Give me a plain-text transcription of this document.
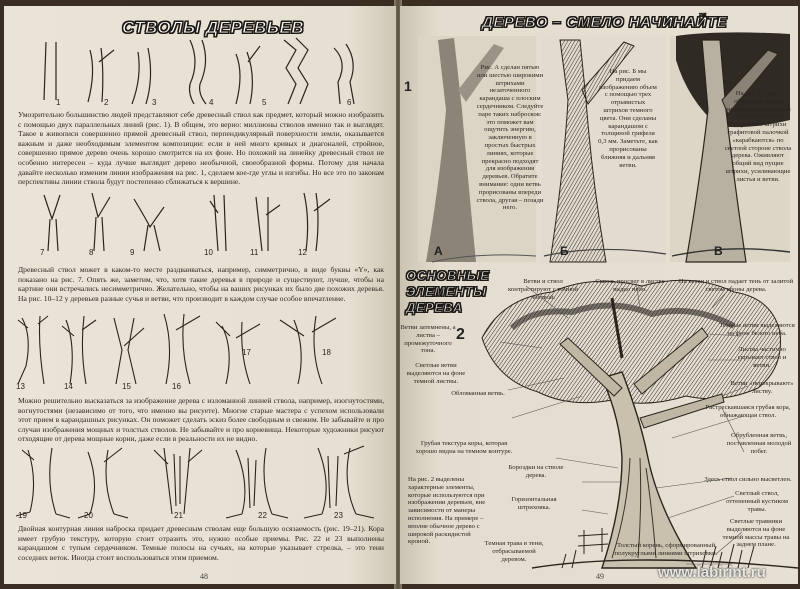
СТВОЛЫ ДЕРЕВЬЕВ
1	2	3	4	5	6
Умозрительно большинство людей представляют себе древесный ствол как предмет, который можно изобразить с помощью двух параллельных линий (рис. 1). В общем, это верно: миллионы стволов именно так и выглядят. Такое в живописи совершенно прямой древесный ствол, перпендикулярный поверхности земли, оказывается важным и даже необходимым элементом композиции: если в ней много кривых и диагоналей, стройное, совершенно прямое дерево очень хорошо смотрится на их фоне. Но похожий на линейку древесный ствол не особенно интересен – куда лучше выглядит дерево необычной, своеобразной формы. Потому для начала давайте несколько изменим линии изображения на рис. 1, сделаем кое-где углы и изгибы. Но все это по законам перспективы линии ствола будут постепенно сближаться к вершине.
7	8	9	10	11	12
Древесный ствол может в каком-то месте раздваиваться, например, симметрично, в виде буквы «Y», как показано на рис. 7. Опять же, заметим, что, хотя такие деревья в природе и существуют, лучше, чтобы на картине они встречались несимметрично. Желательно, чтобы на ваших рисунках их было две похожих деревья. На рис. 10–12 у деревьев разные сучья и ветви, что производит в каждом случае особое впечатление.
13	14	15	16
17	18
Можно решительно высказаться за изображение дерева с изломанной линией ствола, например, изогнутостями, вогнутостями (независимо от того, что именно вы рисуете). Многие старые мастера с успехом использовали этот прием в карандашных рисунках. Он поможет сделать эскиз более свободным и свежим. Не забывайте и про случаи изображения мощных и толстых стволов. Не забывайте и про корневища. Некоторые художники рисуют отходящие от дерева мощные корни, даже если в реальности их не видно.
19	20	21	22	23
Двойная контурная линия наброска придает древесным стволам еще большую осязаемость (рис. 19–21). Кора имеет грубую текстуру, которую стоит отразить это, нужно особые приемы. Рис. 22 и 23 выполнены карандашом с тупым сердечником. Темные полосы на сучьях, на которые указывает стрелка, – это тени соседних веток. Иногда стоит воспользоваться этим приемом.
48
ДЕРЕВО – СМЕЛО НАЧИНАЙТЕ
1
Рис. А сделан пятью или шестью широкими штрихами незаточенного карандаша с плоским сердечником. Следуйте паре таких набросков: это поможет вам ощутить энергию, заключенную в простых быстрых линиях, которые прекрасно подходят для изображения деревьев. Обратите внимание: одни ветвь прорисованы впереди ствола, другая – позади него.
На рис. Б мы придаем изображению объем с помощью трех отрывистых штрихов темного цвета. Они сделаны карандашом с толщиной грифеля 0,3 мм. Заметьте, как прорисованы ближняя и дальняя ветви.
На рис. В ствол обработан двумя линиями и поперечной «резьбой» справа. Небрежные штрихи графитовой палочкой «карабкаются» по светлой стороне ствола дерева. Оживляют общий вид пущие штрихи, усиливающие листья и ветви.
А	Б	В
ОСНОВНЫЕ ЭЛЕМЕНТЫ ДЕРЕВА
2
Ветви и ствол контрастируют с темной листвой.
Сквозь просвет в листве видно небо.
На ветви и ствол падает тень от залитой светом кроны дерева.
Ветви затемнены, а листва – промежуточного тона.
Темные ветви выделяются на фоне белого неба.
Листва частично скрывает ствол и ветви.
Светлые ветви выделяются на фоне темной листвы.	Ветви «перекрывают» листву.
Обломанная ветвь.
Растрескавшаяся грубая кора, обнажающая ствол.
Грубая текстура коры, которая хорошо видна на темном контуре.
Обрубленная ветвь, поставленная молодой побег.
На рис. 2 выделены характерные элементы, которые используются при изображении деревьев, вне зависимости от манеры исполнения. На примере – вполне обычное дерево с широкой раскидистой кроной.
Бороздки на стволе дерева.
Здесь ствол сильно высветлен.
Горизонтальная штриховка.
Светлый ствол, оттененный кустиком травы.
Светлые травинки выделяются на фоне темной массы травы на заднем плане.
Темная трава в тени, отбрасываемой деревом.
Толстый корень, сформированный полукруглыми линиями штриховки.
49	www.labirint.ru
